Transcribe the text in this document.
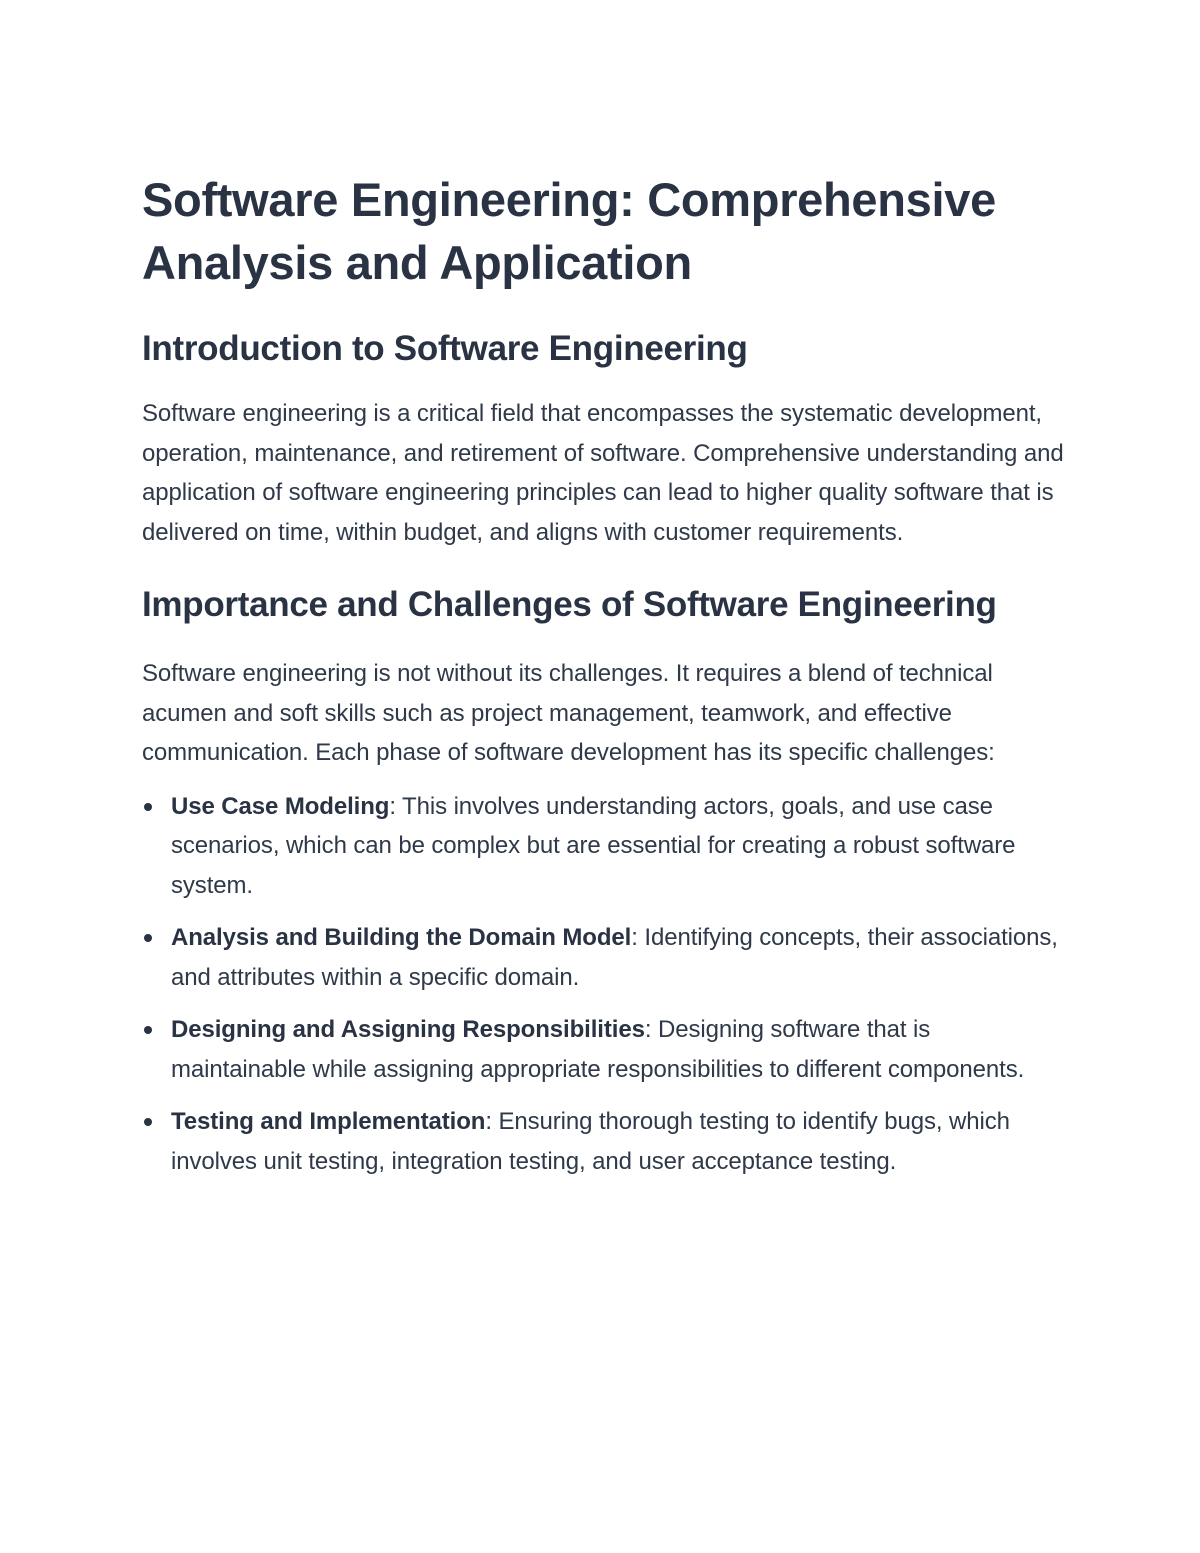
Software Engineering: Comprehensive Analysis and Application
Introduction to Software Engineering

Software engineering is a critical field that encompasses the systematic development, operation, maintenance, and retirement of software. Comprehensive understanding and application of software engineering principles can lead to higher quality software that is delivered on time, within budget, and aligns with customer requirements.

Importance and Challenges of Software Engineering

Software engineering is not without its challenges. It requires a blend of technical acumen and soft skills such as project management, teamwork, and effective communication. Each phase of software development has its specific challenges:

Use Case Modeling: This involves understanding actors, goals, and use case scenarios, which can be complex but are essential for creating a robust software system.
Analysis and Building the Domain Model: Identifying concepts, their associations, and attributes within a specific domain.
Designing and Assigning Responsibilities: Designing software that is maintainable while assigning appropriate responsibilities to different components.
Testing and Implementation: Ensuring thorough testing to identify bugs, which involves unit testing, integration testing, and user acceptance testing.
